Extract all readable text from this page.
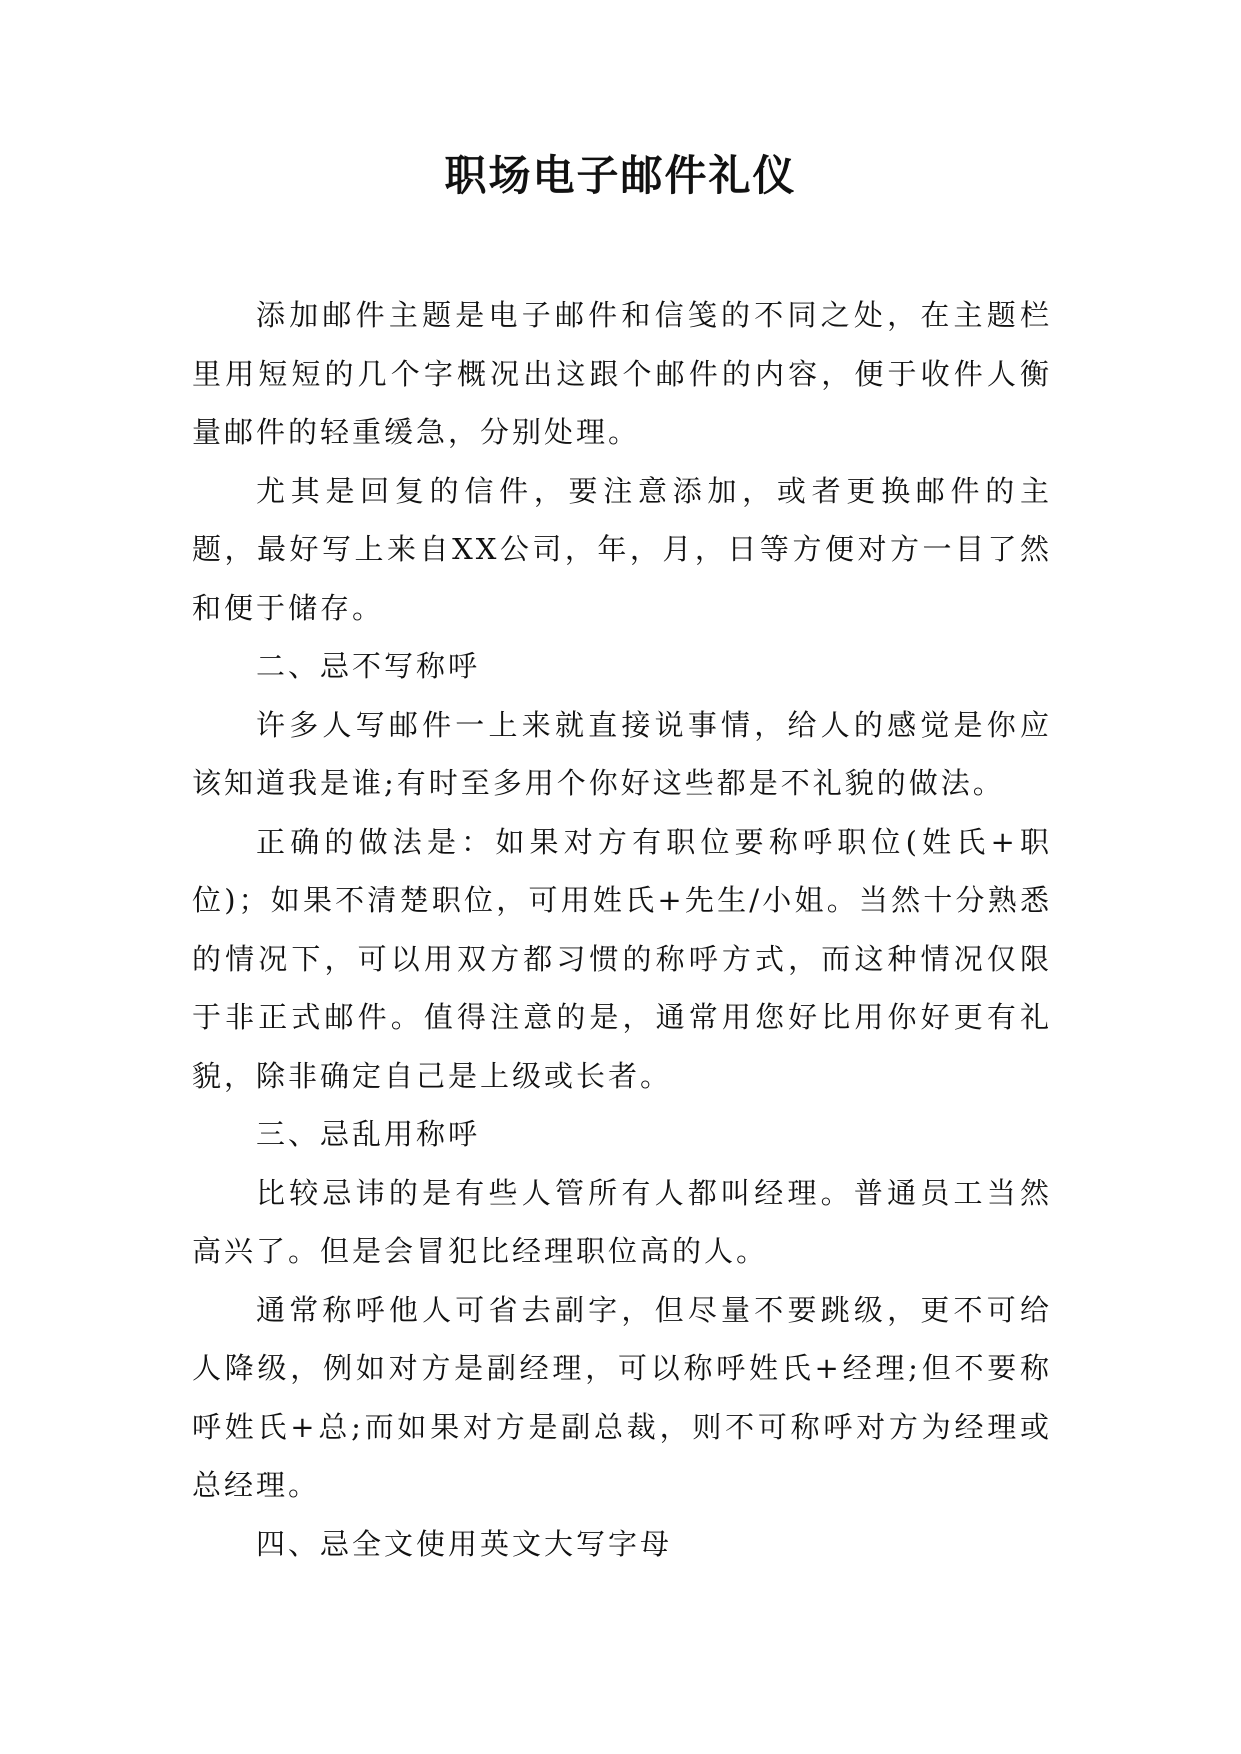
职场电子邮件礼仪

添加邮件主题是电子邮件和信笺的不同之处，在主题栏里用短短的几个字概况出这跟个邮件的内容，便于收件人衡量邮件的轻重缓急，分别处理。

尤其是回复的信件，要注意添加，或者更换邮件的主题，最好写上来自XX公司，年，月，日等方便对方一目了然和便于储存。

二、忌不写称呼

许多人写邮件一上来就直接说事情，给人的感觉是你应该知道我是谁;有时至多用个你好这些都是不礼貌的做法。

正确的做法是：如果对方有职位要称呼职位(姓氏+职位)；如果不清楚职位，可用姓氏+先生/小姐。当然十分熟悉的情况下，可以用双方都习惯的称呼方式，而这种情况仅限于非正式邮件。值得注意的是，通常用您好比用你好更有礼貌，除非确定自己是上级或长者。

三、忌乱用称呼

比较忌讳的是有些人管所有人都叫经理。普通员工当然高兴了。但是会冒犯比经理职位高的人。

通常称呼他人可省去副字，但尽量不要跳级，更不可给人降级，例如对方是副经理，可以称呼姓氏+经理;但不要称呼姓氏+总;而如果对方是副总裁，则不可称呼对方为经理或总经理。

四、忌全文使用英文大写字母
